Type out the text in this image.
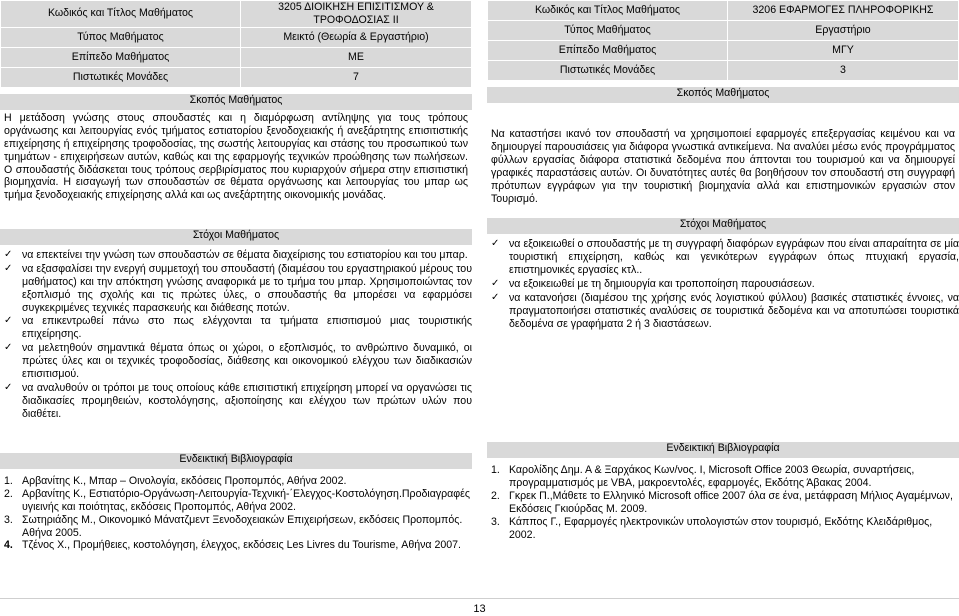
Κωδικός και Τίτλος Μαθήματος	3205 ΔΙΟΙΚΗΣΗ ΕΠΙΣΙΤΙΣΜΟΥ & ΤΡΟΦΟΔΟΣΙΑΣ ΙΙ
Τύπος Μαθήματος	Μεικτό (Θεωρία & Εργαστήριο)
Επίπεδο Μαθήματος	ΜΕ
Πιστωτικές Μονάδες	7
Σκοπός Μαθήματος
Η μετάδοση γνώσης στους σπουδαστές και η διαμόρφωση αντίληψης για τους τρόπους οργάνωσης και λειτουργίας ενός τμήματος εστιατορίου ξενοδοχειακής ή ανεξάρτητης επισιτιστικής επιχείρησης ή επιχείρησης τροφοδοσίας, της σωστής λειτουργίας και στάσης του προσωπικού των τμημάτων - επιχειρήσεων αυτών, καθώς και της εφαρμογής τεχνικών προώθησης των πωλήσεων. Ο σπουδαστής διδάσκεται τους τρόπους σερβιρίσματος που κυριαρχούν σήμερα στην επισιτιστική βιομηχανία. Η εισαγωγή των σπουδαστών σε θέματα οργάνωσης και λειτουργίας του μπαρ ως τμήμα ξενοδοχειακής επιχείρησης αλλά και ως ανεξάρτητης οικονομικής μονάδας.
Στόχοι Μαθήματος
✓ να επεκτείνει την γνώση των σπουδαστών σε θέματα διαχείρισης του εστιατορίου και του μπαρ.
✓ να εξασφαλίσει την ενεργή συμμετοχή του σπουδαστή (διαμέσου του εργαστηριακού μέρους του μαθήματος) και την απόκτηση γνώσης αναφορικά με το τμήμα του μπαρ. Χρησιμοποιώντας τον εξοπλισμό της σχολής και τις πρώτες ύλες, ο σπουδαστής θα μπορέσει να εφαρμόσει συγκεκριμένες τεχνικές παρασκευής και διάθεσης ποτών.
✓ να επικεντρωθεί πάνω στο πως ελέγχονται τα τμήματα επισιτισμού μιας τουριστικής επιχείρησης.
✓ να μελετηθούν σημαντικά θέματα όπως οι χώροι, ο εξοπλισμός, το ανθρώπινο δυναμικό, οι πρώτες ύλες και οι τεχνικές τροφοδοσίας, διάθεσης και οικονομικού ελέγχου των διαδικασιών επισιτισμού.
✓ να αναλυθούν οι τρόποι με τους οποίους κάθε επισιτιστική επιχείρηση μπορεί να οργανώσει τις διαδικασίες προμηθειών, κοστολόγησης, αξιοποίησης και ελέγχου των πρώτων υλών που διαθέτει.
Ενδεικτική Βιβλιογραφία
1. Αρβανίτης Κ., Μπαρ – Οινολογία, εκδόσεις Προπομπός, Αθήνα 2002.
2. Αρβανίτης Κ., Εστιατόριο-Οργάνωση-Λειτουργία-Τεχνική-΄Ελεγχος-Κοστολόγηση.Προδιαγραφές υγιεινής και ποιότητας, εκδόσεις Προπομπός, Αθήνα 2002.
3. Σωτηριάδης Μ., Οικονομικό Μάνατζμεντ Ξενοδοχειακών Επιχειρήσεων, εκδόσεις Προπομπός. Αθήνα 2005.
4. Τζένος Χ., Προμήθειες, κοστολόγηση, έλεγχος, εκδόσεις Les Livres du Tourisme, Αθήνα 2007.
Κωδικός και Τίτλος Μαθήματος	3206 ΕΦΑΡΜΟΓΕΣ ΠΛΗΡΟΦΟΡΙΚΗΣ
Τύπος Μαθήματος	Εργαστήριο
Επίπεδο Μαθήματος	ΜΓΥ
Πιστωτικές Μονάδες	3
Σκοπός Μαθήματος
Να καταστήσει ικανό τον σπουδαστή να χρησιμοποιεί εφαρμογές επεξεργασίας κειμένου και να δημιουργεί παρουσιάσεις για διάφορα γνωστικά αντικείμενα. Να αναλύει μέσω ενός προγράμματος φύλλων εργασίας διάφορα στατιστικά δεδομένα που άπτονται του τουρισμού και να δημιουργεί γραφικές παραστάσεις αυτών. Οι δυνατότητες αυτές θα βοηθήσουν τον σπουδαστή στη συγγραφή πρότυπων εγγράφων για την τουριστική βιομηχανία αλλά και επιστημονικών εργασιών στον Τουρισμό.
Στόχοι Μαθήματος
✓ να εξοικειωθεί ο σπουδαστής με τη συγγραφή διαφόρων εγγράφων που είναι απαραίτητα σε μία τουριστική επιχείρηση, καθώς και γενικότερων εγγράφων όπως πτυχιακή εργασία, επιστημονικές εργασίες κτλ..
✓ να εξοικειωθεί με τη δημιουργία και τροποποίηση παρουσιάσεων.
✓ να κατανοήσει (διαμέσου της χρήσης ενός λογιστικού φύλλου) βασικές στατιστικές έννοιες, να πραγματοποιήσει στατιστικές αναλύσεις σε τουριστικά δεδομένα και να αποτυπώσει τουριστικά δεδομένα σε γραφήματα 2 ή 3 διαστάσεων.
Ενδεικτική Βιβλιογραφία
1. Καρολίδης Δημ. Α & Ξαρχάκος Κων/νος. Ι, Microsoft Office 2003 Θεωρία, συναρτήσεις, προγραμματισμός με VBA, μακροεντολές, εφαρμογές, Εκδότης Άβακας 2004.
2. Γκρεκ Π.,Μάθετε το Ελληνικό Microsoft office 2007 όλα σε ένα, μετάφραση Μήλιος Αγαμέμνων, Εκδόσεις Γκιούρδας Μ. 2009.
3. Κάππος Γ., Εφαρμογές ηλεκτρονικών υπολογιστών στον τουρισμό, Εκδότης Κλειδάριθμος, 2002.
13
